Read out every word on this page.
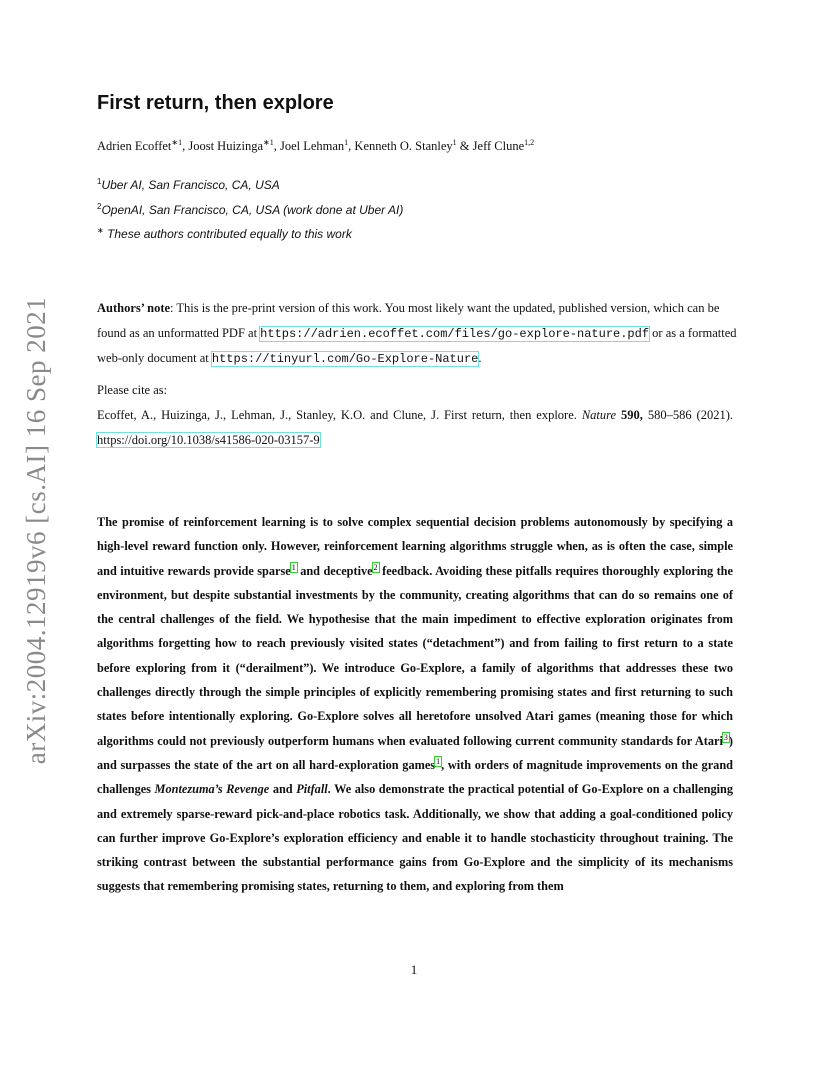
arXiv:2004.12919v6 [cs.AI] 16 Sep 2021
First return, then explore
Adrien Ecoffet$^{∗1}$, Joost Huizinga$^{∗1}$, Joel Lehman$^1$, Kenneth O. Stanley$^1$ & Jeff Clune$^{1,2}$
$^1$Uber AI, San Francisco, CA, USA
$^2$OpenAI, San Francisco, CA, USA (work done at Uber AI)
∗ These authors contributed equally to this work
Authors’ note: This is the pre-print version of this work. You most likely want the updated, published version, which can be found as an unformatted PDF at https://adrien.ecoffet.com/files/go-explore-nature.pdf or as a formatted web-only document at https://tinyurl.com/Go-Explore-Nature.
Please cite as:
Ecoffet, A., Huizinga, J., Lehman, J., Stanley, K.O. and Clune, J. First return, then explore. Nature 590, 580–586 (2021). https://doi.org/10.1038/s41586-020-03157-9
The promise of reinforcement learning is to solve complex sequential decision problems autonomously by specifying a high-level reward function only. However, reinforcement learning algorithms struggle when, as is often the case, simple and intuitive rewards provide sparse1 and deceptive2 feedback. Avoiding these pitfalls requires thoroughly exploring the environment, but despite substantial investments by the community, creating algorithms that can do so remains one of the central challenges of the field. We hypothesise that the main impediment to effective exploration originates from algorithms forgetting how to reach previously visited states (“detachment”) and from failing to first return to a state before exploring from it (“derailment”). We introduce Go-Explore, a family of algorithms that addresses these two challenges directly through the simple principles of explicitly remembering promising states and first returning to such states before intentionally exploring. Go-Explore solves all heretofore unsolved Atari games (meaning those for which algorithms could not previously outperform humans when evaluated following current community standards for Atari3) and surpasses the state of the art on all hard-exploration games1, with orders of magnitude improvements on the grand challenges Montezuma’s Revenge and Pitfall. We also demonstrate the practical potential of Go-Explore on a challenging and extremely sparse-reward pick-and-place robotics task. Additionally, we show that adding a goal-conditioned policy can further improve Go-Explore’s exploration efficiency and enable it to handle stochasticity throughout training. The striking contrast between the substantial performance gains from Go-Explore and the simplicity of its mechanisms suggests that remembering promising states, returning to them, and exploring from them
1
